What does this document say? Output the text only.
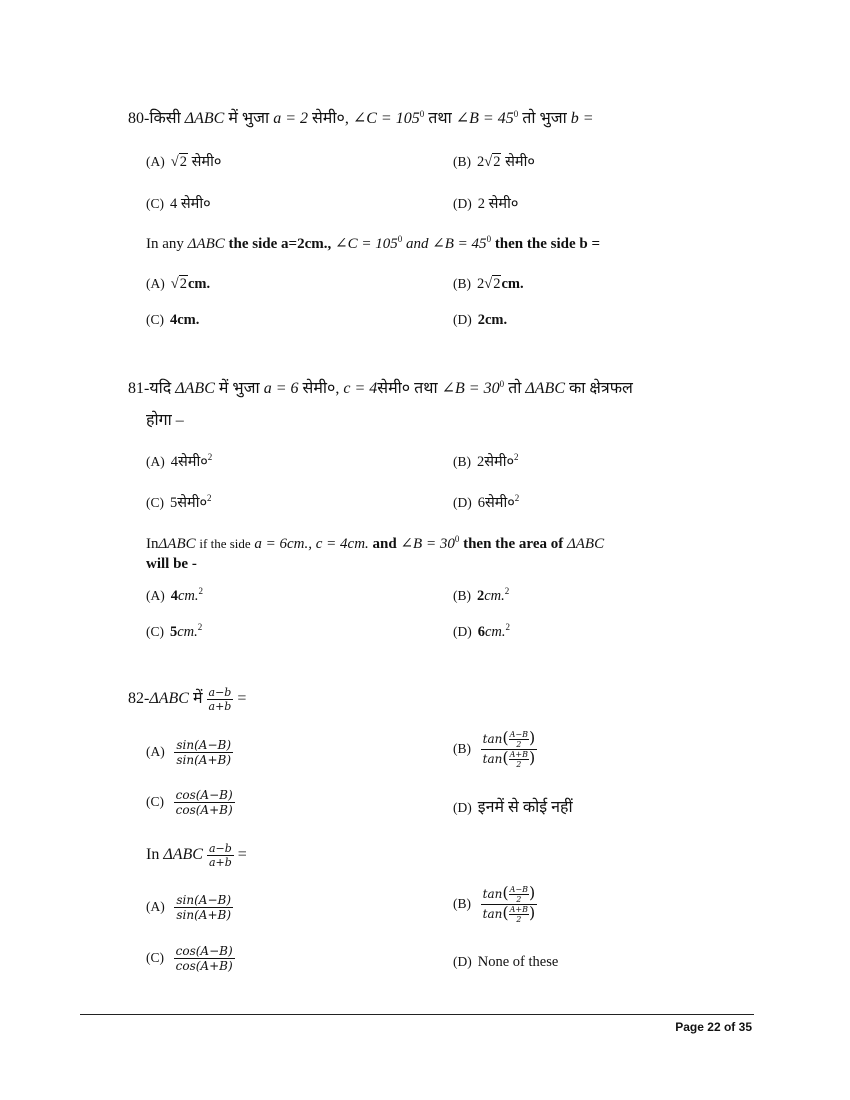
80-किसी ΔABC में भुजा a = 2 सेमी०, ∠C = $105^0$ तथा ∠B = $45^0$ तो भुजा b =
(A) √2 सेमी०	(B) 2√2 सेमी०
(C) 4 सेमी०	(D) 2 सेमी०
In any ΔABC the side a=2cm., ∠C = $105^0$ and ∠B = $45^0$ then the side b =
(A) √2cm.	(B) 2√2cm.
(C) 4cm.	(D) 2cm.
81-यदि ΔABC में भुजा a = 6 सेमी०, c = 4सेमी० तथा ∠B = $30^0$ तो ΔABC का क्षेत्रफल
होगा –
(A) $4सेमी०^2$	(B) $2सेमी०^2$
(C) $5सेमी०^2$	(D) $6सेमी०^2$
InΔABC if the side a = 6cm., c = 4cm. and ∠B = $30^0$ then the area of ΔABC
will be -
(A) 4cm.$^2$	(B) 2cm.$^2$
(C) 5cm.$^2$	(D) 6cm.$^2$
82-ΔABC में $\frac{a-b}{a+b}$ =
$(A) \frac{\sin(A-B)}{\sin(A+B)}$	$(B) \frac{\tan( \frac{A-B}{2} )}{\tan( \frac{A+B}{2} )}$
$(C) \frac{\cos(A-B)}{\cos(A+B)}$	(D) इनमें से कोई नहीं
In ΔABC $\frac{a-b}{a+b}$ =
$(A) \frac{\sin(A-B)}{\sin(A+B)}$	$(B) \frac{\tan( \frac{A-B}{2} )}{\tan( \frac{A+B}{2} )}$
$(C) \frac{\cos(A-B)}{\cos(A+B)}$	(D) None of these
Page 22 of 35
